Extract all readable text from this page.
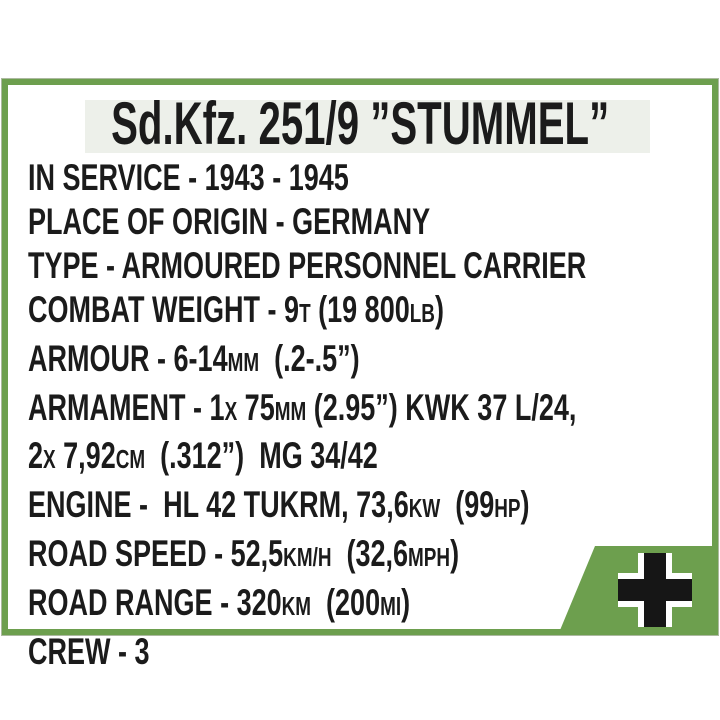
Sd.Kfz. 251/9 ”STUMMEL”
IN SERVICE - 1943 - 1945
PLACE OF ORIGIN - GERMANY
TYPE - ARMOURED PERSONNEL CARRIER
COMBAT WEIGHT - 9T (19 800LB)
ARMOUR - 6-14MM  (.2-.5”)
ARMAMENT - 1X 75MM (2.95”) KWK 37 L/24,
2X 7,92CM  (.312”)  MG 34/42
ENGINE -  HL 42 TUKRM, 73,6KW  (99HP)
ROAD SPEED - 52,5KM/H  (32,6MPH)
ROAD RANGE - 320KM  (200MI)
CREW - 3
